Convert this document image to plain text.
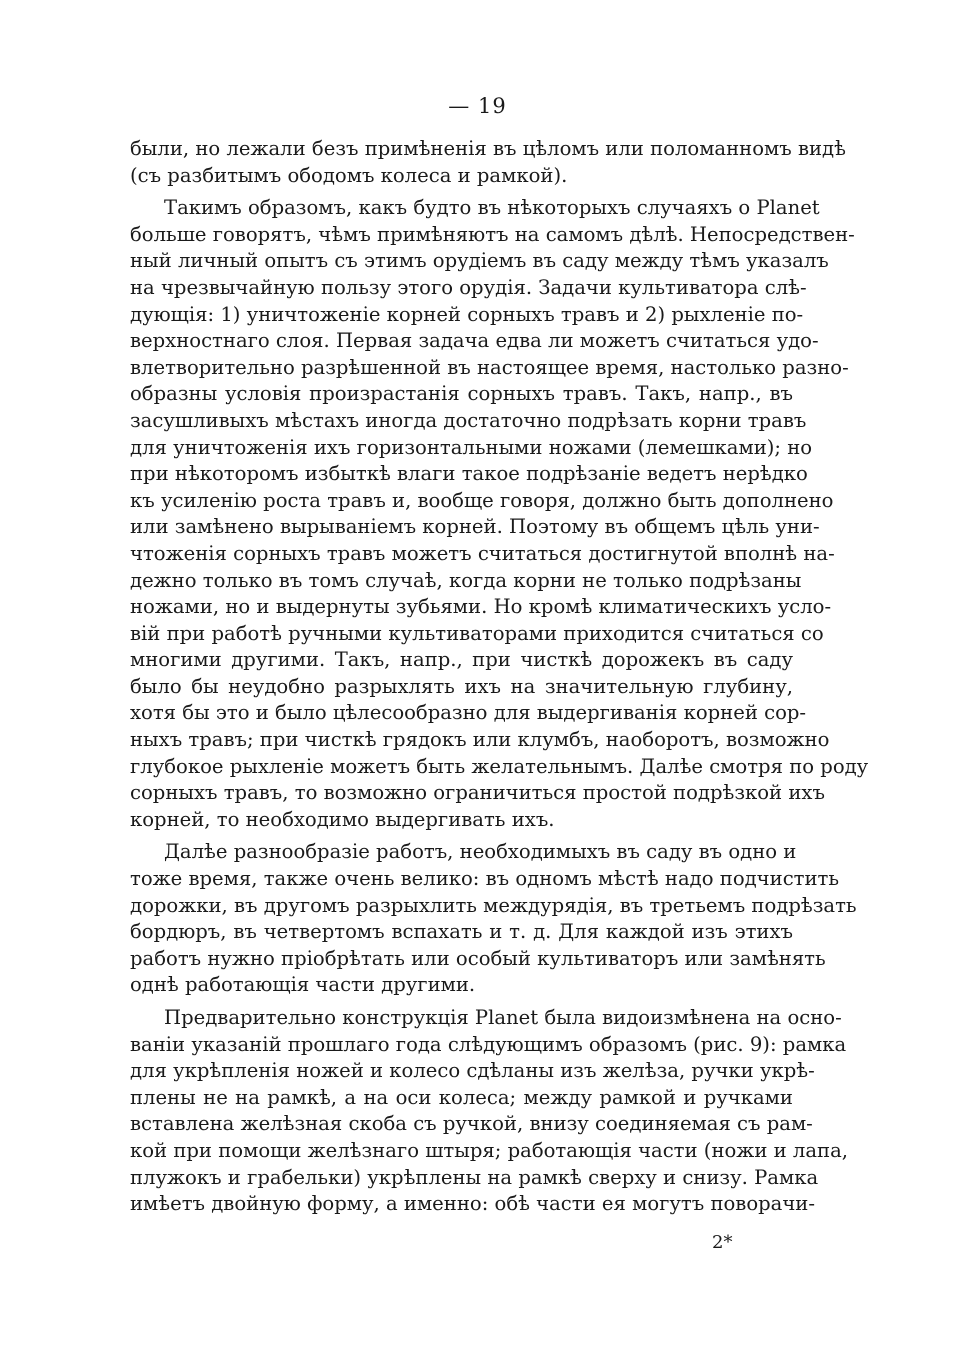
— 19
были, но лежали безъ примѣненія въ цѣломъ или поломанномъ видѣ
(съ разбитымъ ободомъ колеса и рамкой).
Такимъ образомъ, какъ будто въ нѣкоторыхъ случаяхъ о Planet
больше говорятъ, чѣмъ примѣняютъ на самомъ дѣлѣ. Непосредствен-
ный личный опытъ съ этимъ орудіемъ въ саду между тѣмъ указалъ
на чрезвычайную пользу этого орудія. Задачи культиватора слѣ-
дующія: 1) уничтоженіе корней сорныхъ травъ и 2) рыхленіе по-
верхностнаго слоя. Первая задача едва ли можетъ считаться удо-
влетворительно разрѣшенной въ настоящее время, настолько разно-
образны условія произрастанія сорныхъ травъ. Такъ, напр., въ
засушливыхъ мѣстахъ иногда достаточно подрѣзать корни травъ
для уничтоженія ихъ горизонтальными ножами (лемешками); но
при нѣкоторомъ избыткѣ влаги такое подрѣзаніе ведетъ нерѣдко
къ усиленію роста травъ и, вообще говоря, должно быть дополнено
или замѣнено вырываніемъ корней. Поэтому въ общемъ цѣль уни-
чтоженія сорныхъ травъ можетъ считаться достигнутой вполнѣ на-
дежно только въ томъ случаѣ, когда корни не только подрѣзаны
ножами, но и выдернуты зубьями. Но кромѣ климатическихъ усло-
вій при работѣ ручными культиваторами приходится считаться со
многими другими. Такъ, напр., при чисткѣ дорожекъ въ саду
было бы неудобно разрыхлять ихъ на значительную глубину,
хотя бы это и было цѣлесообразно для выдергиванія корней сор-
ныхъ травъ; при чисткѣ грядокъ или клумбъ, наоборотъ, возможно
глубокое рыхленіе можетъ быть желательнымъ. Далѣе смотря по роду
сорныхъ травъ, то возможно ограничиться простой подрѣзкой ихъ
корней, то необходимо выдергивать ихъ.
Далѣе разнообразіе работъ, необходимыхъ въ саду въ одно и
тоже время, также очень велико: въ одномъ мѣстѣ надо подчистить
дорожки, въ другомъ разрыхлить междурядія, въ третьемъ подрѣзать
бордюръ, въ четвертомъ вспахать и т. д. Для каждой изъ этихъ
работъ нужно пріобрѣтать или особый культиваторъ или замѣнять
однѣ работающія части другими.
Предварительно конструкція Planet была видоизмѣнена на осно-
ваніи указаній прошлаго года слѣдующимъ образомъ (рис. 9): рамка
для укрѣпленія ножей и колесо сдѣланы изъ желѣза, ручки укрѣ-
плены не на рамкѣ, а на оси колеса; между рамкой и ручками
вставлена желѣзная скоба съ ручкой, внизу соединяемая съ рам-
кой при помощи желѣзнаго штыря; работающія части (ножи и лапа,
плужокъ и грабельки) укрѣплены на рамкѣ сверху и снизу. Рамка
имѣетъ двойную форму, а именно: обѣ части ея могутъ поворачи-
2*
